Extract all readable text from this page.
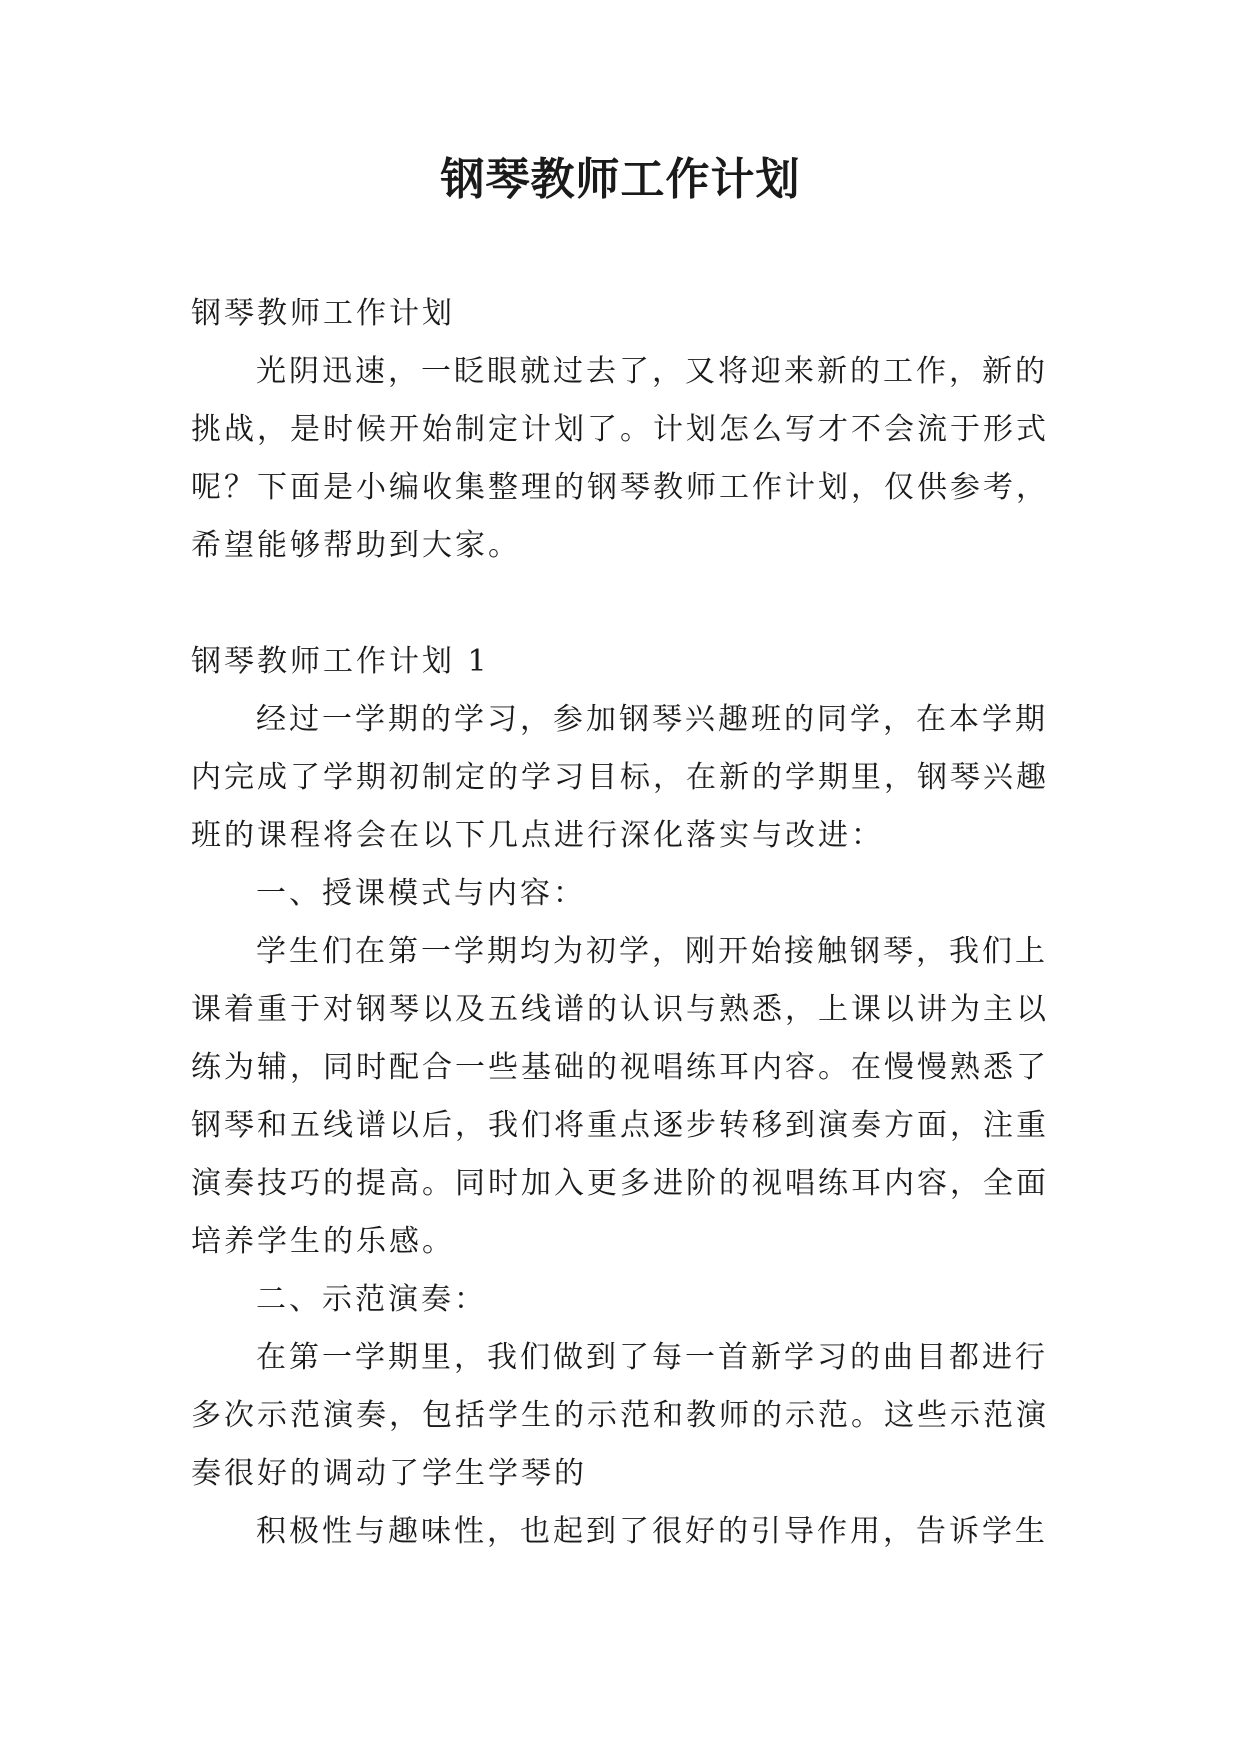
钢琴教师工作计划

钢琴教师工作计划

光阴迅速，一眨眼就过去了，又将迎来新的工作，新的

挑战，是时候开始制定计划了。计划怎么写才不会流于形式

呢？下面是小编收集整理的钢琴教师工作计划，仅供参考，

希望能够帮助到大家。

钢琴教师工作计划 1

经过一学期的学习，参加钢琴兴趣班的同学，在本学期

内完成了学期初制定的学习目标，在新的学期里，钢琴兴趣

班的课程将会在以下几点进行深化落实与改进：

一、授课模式与内容：

学生们在第一学期均为初学，刚开始接触钢琴，我们上

课着重于对钢琴以及五线谱的认识与熟悉，上课以讲为主以

练为辅，同时配合一些基础的视唱练耳内容。在慢慢熟悉了

钢琴和五线谱以后，我们将重点逐步转移到演奏方面，注重

演奏技巧的提高。同时加入更多进阶的视唱练耳内容，全面

培养学生的乐感。

二、示范演奏：

在第一学期里，我们做到了每一首新学习的曲目都进行

多次示范演奏，包括学生的示范和教师的示范。这些示范演

奏很好的调动了学生学琴的

积极性与趣味性，也起到了很好的引导作用，告诉学生
